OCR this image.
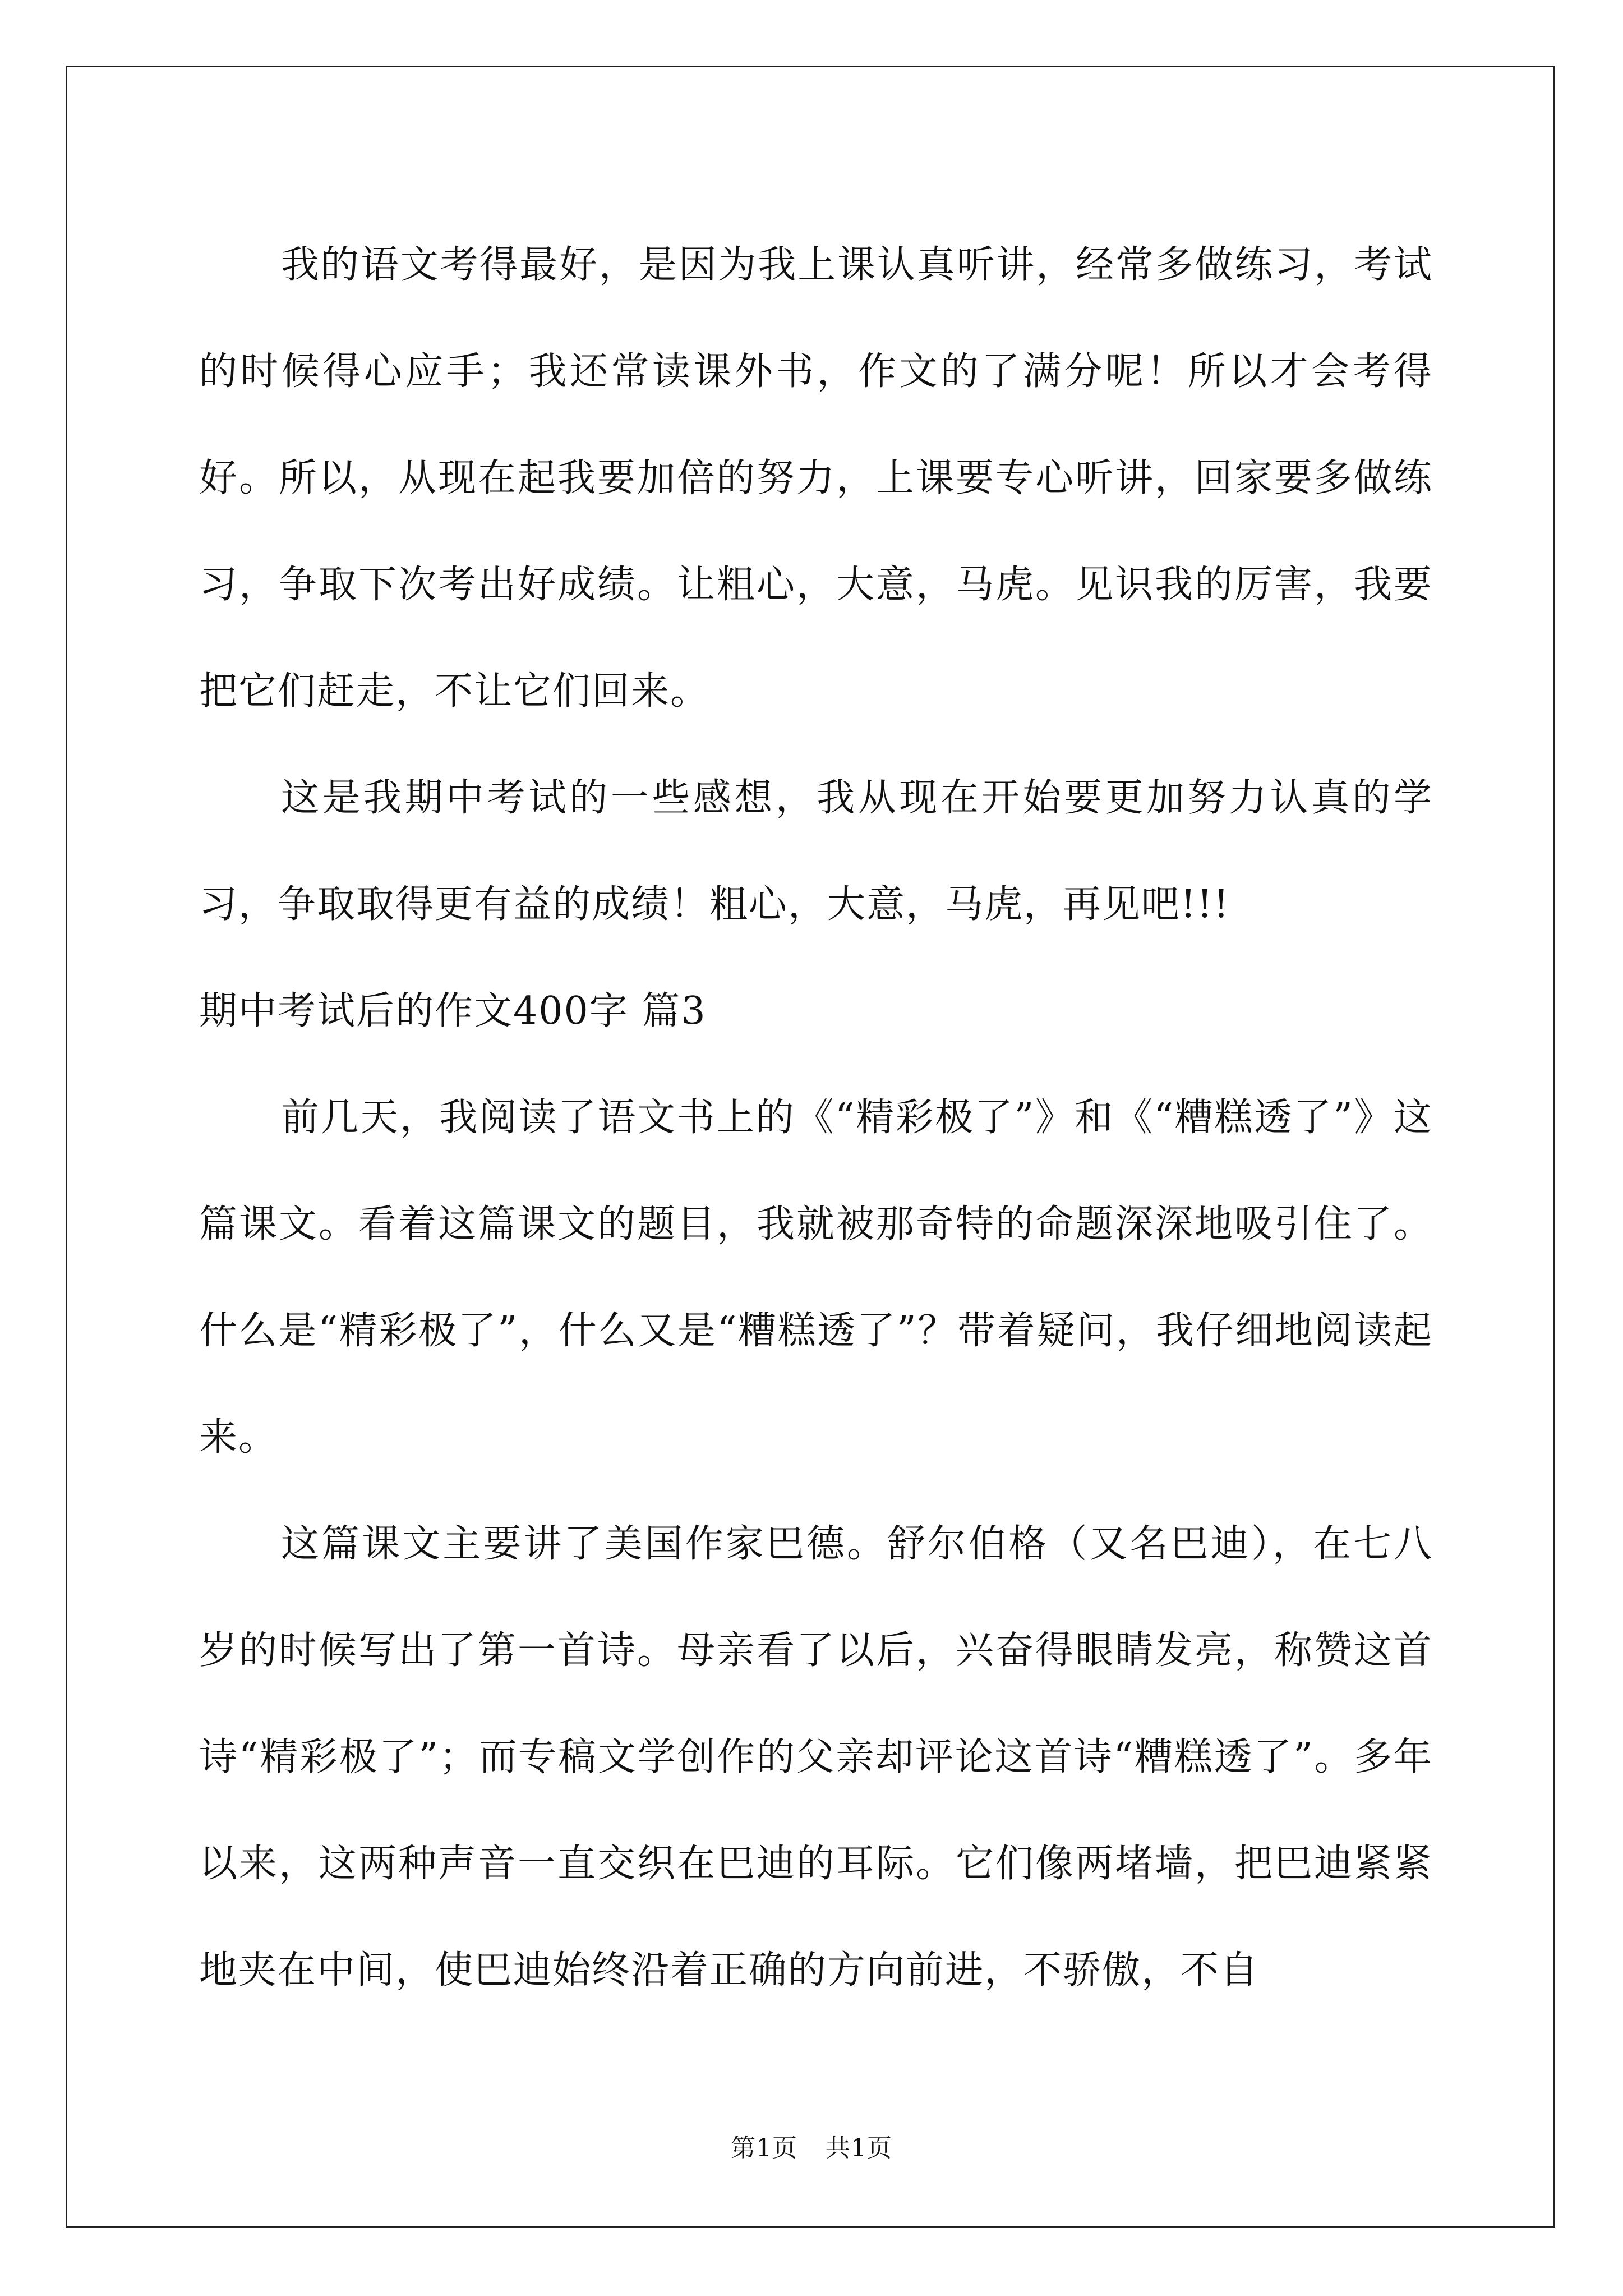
我的语文考得最好，是因为我上课认真听讲，经常多做练习，考试的时候得心应手；我还常读课外书，作文的了满分呢！所以才会考得好。所以，从现在起我要加倍的努力，上课要专心听讲，回家要多做练习，争取下次考出好成绩。让粗心，大意，马虎。见识我的厉害，我要把它们赶走，不让它们回来。

这是我期中考试的一些感想，我从现在开始要更加努力认真的学习，争取取得更有益的成绩！粗心，大意，马虎，再见吧!!!

期中考试后的作文400字 篇3

前几天，我阅读了语文书上的《“精彩极了”》和《“糟糕透了”》这篇课文。看着这篇课文的题目，我就被那奇特的命题深深地吸引住了。什么是“精彩极了”，什么又是“糟糕透了”？带着疑问，我仔细地阅读起来。

这篇课文主要讲了美国作家巴德。舒尔伯格（又名巴迪），在七八岁的时候写出了第一首诗。母亲看了以后，兴奋得眼睛发亮，称赞这首诗“精彩极了”；而专稿文学创作的父亲却评论这首诗“糟糕透了”。多年以来，这两种声音一直交织在巴迪的耳际。它们像两堵墙，把巴迪紧紧地夹在中间，使巴迪始终沿着正确的方向前进，不骄傲，不自

第1页 共1页
